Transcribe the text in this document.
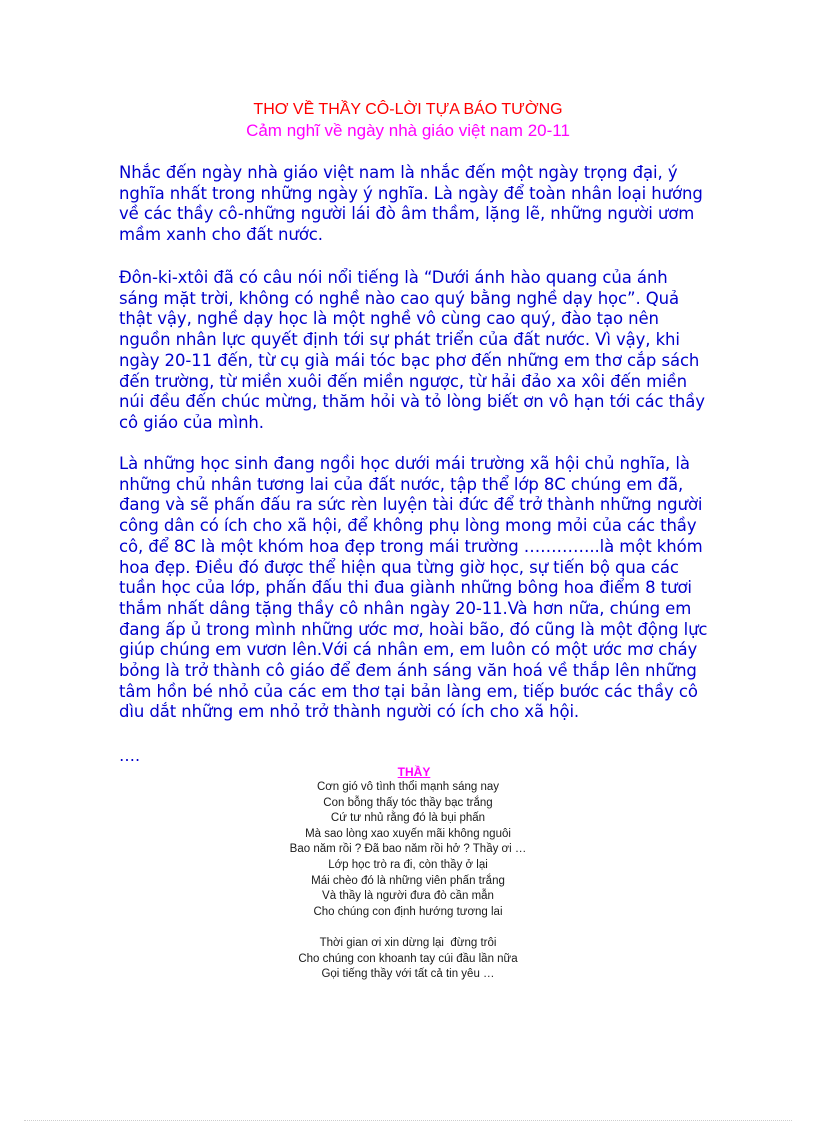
THƠ VỀ THẦY CÔ-LỜI TỰA BÁO TƯỜNG
Cảm nghĩ về ngày nhà giáo việt nam 20-11
Nhắc đến ngày nhà giáo việt nam là nhắc đến một ngày trọng đại, ý nghĩa nhất trong những ngày ý nghĩa. Là ngày để toàn nhân loại hướng về các thầy cô-những người lái đò âm thầm, lặng lẽ, những người ươm mầm xanh cho đất nước.
Đôn-ki-xtôi đã có câu nói nổi tiếng là “Dưới ánh hào quang của ánh sáng mặt trời, không có nghề nào cao quý bằng nghề dạy học”. Quả thật vậy, nghề dạy học là một nghề vô cùng cao quý, đào tạo nên nguồn nhân lực quyết định tới sự phát triển của đất nước. Vì vậy, khi ngày 20-11 đến, từ cụ già mái tóc bạc phơ đến những em thơ cắp sách đến trường, từ miền xuôi đến miền ngược, từ hải đảo xa xôi đến miền núi đều đến chúc mừng, thăm hỏi và tỏ lòng biết ơn vô hạn tới các thầy cô giáo của mình.
Là những học sinh đang ngồi học dưới mái trường xã hội chủ nghĩa, là những chủ nhân tương lai của đất nước, tập thể lớp 8C chúng em đã, đang và sẽ phấn đấu ra sức rèn luyện tài đức để trở thành những người công dân có ích cho xã hội, để không phụ lòng mong mỏi của các thầy cô, để 8C là một khóm hoa đẹp trong mái trường …………..là một khóm hoa đẹp. Điều đó được thể hiện qua từng giờ học, sự tiến bộ qua các tuần học của lớp, phấn đấu thi đua giành những bông hoa điểm 8 tươi thắm nhất dâng tặng thầy cô nhân ngày 20-11.Và hơn nữa, chúng em đang ấp ủ trong mình những ước mơ, hoài bão, đó cũng là một động lực giúp chúng em vươn lên.Với cá nhân em, em luôn có một ước mơ cháy bỏng là trở thành cô giáo để đem ánh sáng văn hoá về thắp lên những tâm hồn bé nhỏ của các em thơ tại bản làng em, tiếp bước các thầy cô dìu dắt những em nhỏ trở thành người có ích cho xã hội.
….
THẦY
Cơn gió vô tình thổi mạnh sáng nay
Con bỗng thấy tóc thầy bạc trắng
Cứ tư nhủ rằng đó là bụi phấn
Mà sao lòng xao xuyến mãi không nguôi
Bao năm rồi ? Đã bao năm rồi hở ? Thầy ơi …
Lớp học trò ra đi, còn thầy ở lại
Mái chèo đó là những viên phấn trắng
Và thầy là người đưa đò cần mẫn
Cho chúng con định hướng tương lai
Thời gian ơi xin dừng lại  đừng trôi
Cho chúng con khoanh tay cúi đầu lần nữa
Gọi tiếng thầy với tất cả tin yêu …
